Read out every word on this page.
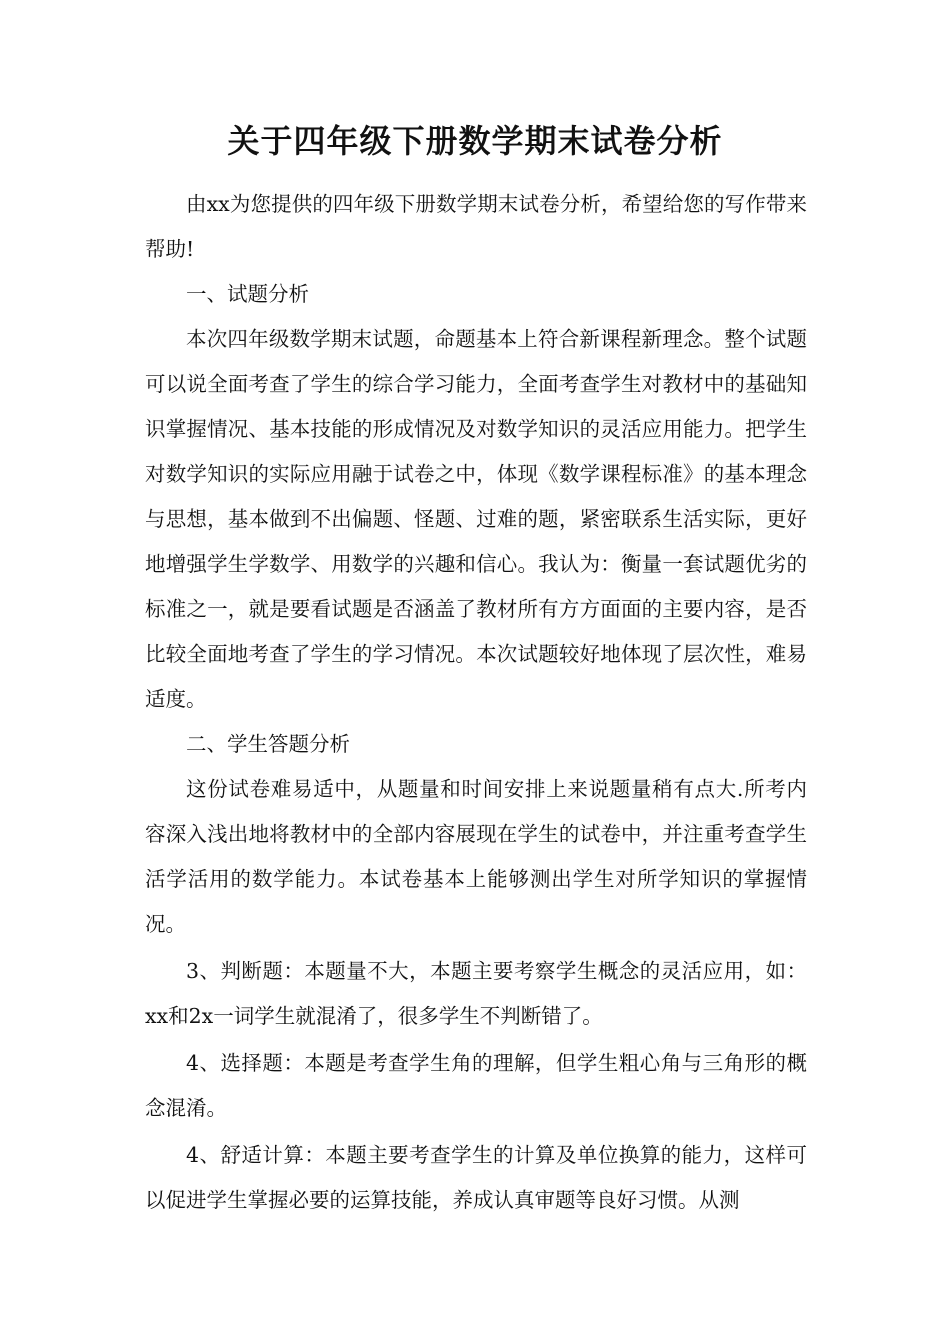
关于四年级下册数学期末试卷分析

由xx为您提供的四年级下册数学期末试卷分析，希望给您的写作带来帮助!

一、试题分析

本次四年级数学期末试题，命题基本上符合新课程新理念。整个试题可以说全面考查了学生的综合学习能力，全面考查学生对教材中的基础知识掌握情况、基本技能的形成情况及对数学知识的灵活应用能力。把学生对数学知识的实际应用融于试卷之中，体现《数学课程标准》的基本理念与思想，基本做到不出偏题、怪题、过难的题，紧密联系生活实际，更好地增强学生学数学、用数学的兴趣和信心。我认为：衡量一套试题优劣的标准之一，就是要看试题是否涵盖了教材所有方方面面的主要内容，是否比较全面地考查了学生的学习情况。本次试题较好地体现了层次性，难易适度。

二、学生答题分析

这份试卷难易适中，从题量和时间安排上来说题量稍有点大.所考内容深入浅出地将教材中的全部内容展现在学生的试卷中，并注重考查学生活学活用的数学能力。本试卷基本上能够测出学生对所学知识的掌握情况。

3、判断题：本题量不大，本题主要考察学生概念的灵活应用，如：xx和2x一词学生就混淆了，很多学生不判断错了。

4、选择题：本题是考查学生角的理解，但学生粗心角与三角形的概念混淆。

4、舒适计算：本题主要考查学生的计算及单位换算的能力，这样可以促进学生掌握必要的运算技能，养成认真审题等良好习惯。从测
